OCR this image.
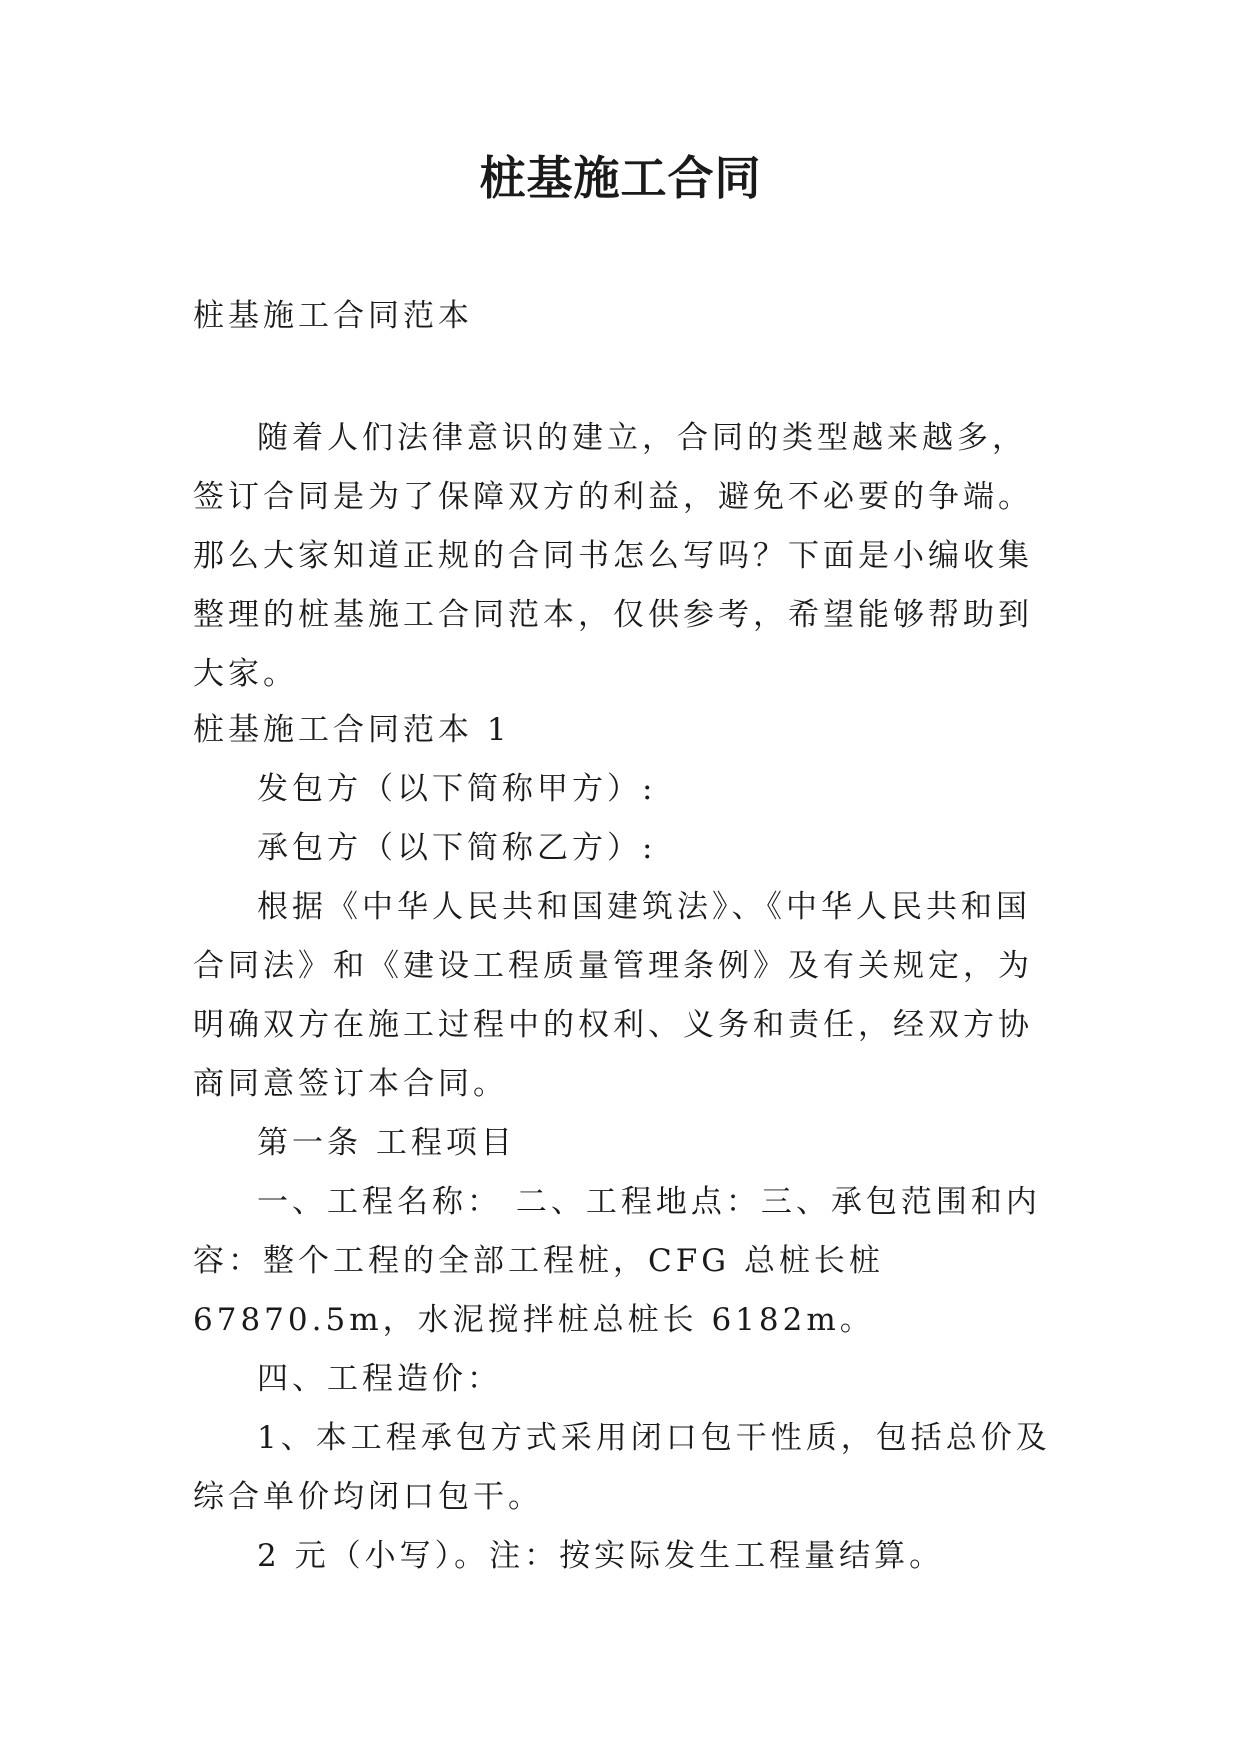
桩基施工合同

桩基施工合同范本

随着人们法律意识的建立，合同的类型越来越多，签订合同是为了保障双方的利益，避免不必要的争端。那么大家知道正规的合同书怎么写吗？下面是小编收集整理的桩基施工合同范本，仅供参考，希望能够帮助到大家。

桩基施工合同范本 1

发包方（以下简称甲方）:

承包方（以下简称乙方）:

根据《中华人民共和国建筑法》、《中华人民共和国合同法》和《建设工程质量管理条例》及有关规定，为明确双方在施工过程中的权利、义务和责任，经双方协商同意签订本合同。

第一条 工程项目

一、工程名称： 二、工程地点：三、承包范围和内容：整个工程的全部工程桩，CFG 总桩长桩 67870.5m，水泥搅拌桩总桩长 6182m。

四、工程造价：

1、本工程承包方式采用闭口包干性质，包括总价及综合单价均闭口包干。

2 元（小写）。注：按实际发生工程量结算。
